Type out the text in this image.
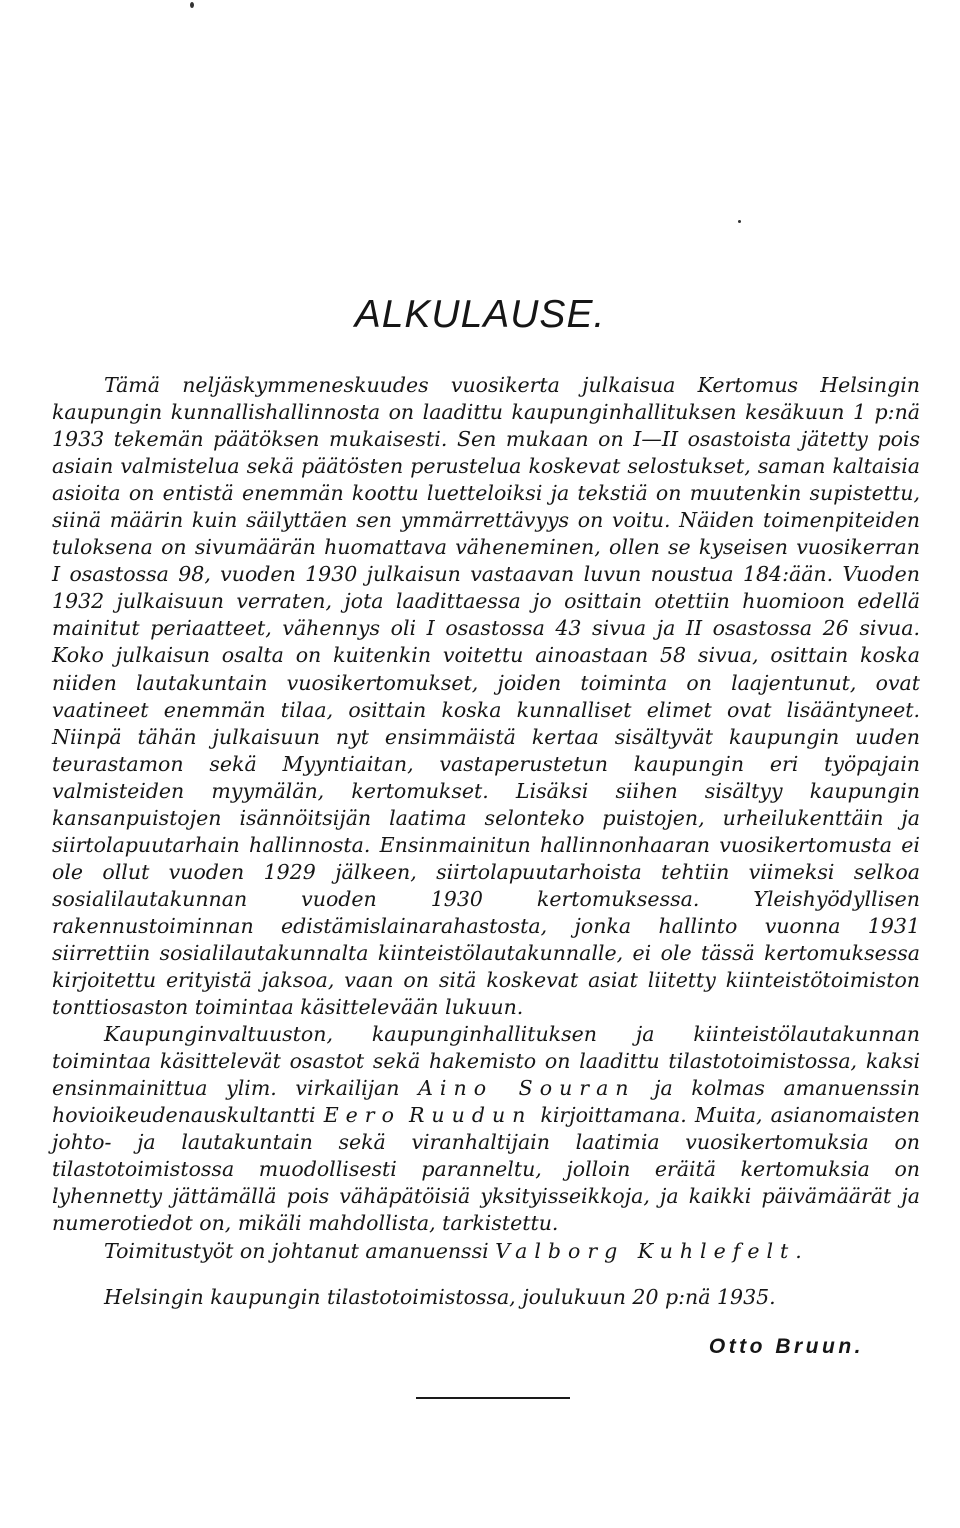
ALKULAUSE.

Tämä neljäskymmeneskuudes vuosikerta julkaisua Kertomus Helsingin kaupungin kunnallishallinnosta on laadittu kaupunginhallituksen kesäkuun 1 p:nä 1933 tekemän päätöksen mukaisesti. Sen mukaan on I—II osastoista jätetty pois asiain valmistelua sekä päätösten perustelua koskevat selostukset, saman kaltaisia asioita on entistä enemmän koottu luetteloiksi ja tekstiä on muutenkin supistettu, siinä määrin kuin säilyttäen sen ymmärrettävyys on voitu. Näiden toimenpiteiden tuloksena on sivumäärän huomattava väheneminen, ollen se kyseisen vuosikerran I osastossa 98, vuoden 1930 julkaisun vastaavan luvun noustua 184:ään. Vuoden 1932 julkaisuun verraten, jota laadittaessa jo osittain otettiin huomioon edellä mainitut periaatteet, vähennys oli I osastossa 43 sivua ja II osastossa 26 sivua. Koko julkaisun osalta on kuitenkin voitettu ainoastaan 58 sivua, osittain koska niiden lautakuntain vuosikertomukset, joiden toiminta on laajentunut, ovat vaatineet enemmän tilaa, osittain koska kunnalliset elimet ovat lisääntyneet. Niinpä tähän julkaisuun nyt ensimmäistä kertaa sisältyvät kaupungin uuden teurastamon sekä Myyntiaitan, vastaperustetun kaupungin eri työpajain valmisteiden myymälän, kertomukset. Lisäksi siihen sisältyy kaupungin kansanpuistojen isännöitsijän laatima selonteko puistojen, urheilukenttäin ja siirtolapuutarhain hallinnosta. Ensinmainitun hallinnonhaaran vuosikertomusta ei ole ollut vuoden 1929 jälkeen, siirtolapuutarhoista tehtiin viimeksi selkoa sosialilautakunnan vuoden 1930 kertomuksessa. Yleishyödyllisen rakennustoiminnan edistämislainarahastosta, jonka hallinto vuonna 1931 siirrettiin sosialilautakunnalta kiinteistölautakunnalle, ei ole tässä kertomuksessa kirjoitettu erityistä jaksoa, vaan on sitä koskevat asiat liitetty kiinteistötoimiston tonttiosaston toimintaa käsittelevään lukuun.

Kaupunginvaltuuston, kaupunginhallituksen ja kiinteistölautakunnan toimintaa käsittelevät osastot sekä hakemisto on laadittu tilastotoimistossa, kaksi ensinmainittua ylim. virkailijan Aino Souran ja kolmas amanuenssin hovioikeudenauskultantti Eero Ruudun kirjoittamana. Muita, asianomaisten johto- ja lautakuntain sekä viranhaltijain laatimia vuosikertomuksia on tilastotoimistossa muodollisesti paranneltu, jolloin eräitä kertomuksia on lyhennetty jättämällä pois vähäpätöisiä yksityisseikkoja, ja kaikki päivämäärät ja numerotiedot on, mikäli mahdollista, tarkistettu.

Toimitustyöt on johtanut amanuenssi Valborg Kuhlefelt.

Helsingin kaupungin tilastotoimistossa, joulukuun 20 p:nä 1935.

Otto Bruun.
